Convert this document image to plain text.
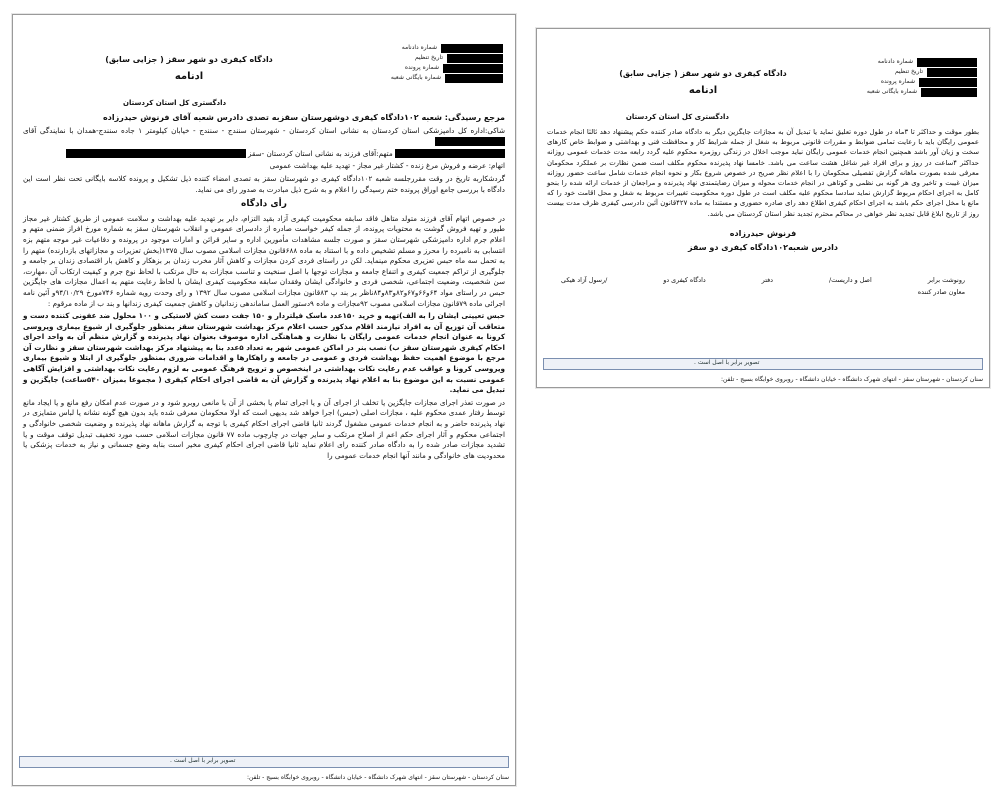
شماره دادنامه
تاریخ تنظیم
شماره پرونده
شماره بایگانی شعبه
دادگاه کیفری دو شهر سقز ( جزایی سابق)
ادنامه
دادگستری کل استان کردستان

مرجع رسیدگی: شعبه ۱۰۲دادگاه کیفری دوشهرستان سقزبه تصدی دادرس شعبه آقای فرنوش حیدرزاده

شاکی:اداره کل دامپزشکی استان کردستان به نشانی استان کردستان - شهرستان سنندج - سنندج - خیابان کیلومتر ۱ جاده سنندج-همدان با نمایندگی آقای

متهم:آقای فرزند به نشانی استان کردستان -سقز

اتهام: عرضه و فروش مرغ زنده - کشتار غیر مجاز - تهدید علیه بهداشت عمومی

گردشکاربه تاریخ در وقت مقررجلسه شعبه ۱۰۲دادگاه کیفری دو شهرستان سقز به تصدی امضاء کننده ذیل تشکیل و پرونده کلاسه بایگانی تحت نظر است این دادگاه با بررسی جامع اوراق پرونده ختم رسیدگی را اعلام و به شرح ذیل مبادرت به صدور رای می نماید.

رأی دادگاه

در خصوص اتهام آقای فرزند متولد متاهل فاقد سابقه محکومیت کیفری آزاد بقید التزام، دایر بر تهدید علیه بهداشت و سلامت عمومی از طریق کشتار غیر مجاز طیور و تهیه فروش گوشت به محتویات پرونده، از جمله کیفر خواست صادره از دادسرای عمومی و انقلاب شهرستان سقز به شماره مورخ افراز ضمنی متهم و اعلام جرم اداره دامپزشکی شهرستان سقز و صورت جلسه مشاهدات مأمورین اداره و سایر قرائن و امارات موجود در پرونده و دفاعیات غیر موجه متهم بزه انتسابی به نامبرده را محرز و مسلم تشخیص داده و با استناد به ماده ۶۸۸قانون مجازات اسلامی مصوب سال ۱۳۷۵(بخش تعزیرات و مجازاتهای بازدارنده) متهم را به تحمل سه ماه حبس تعزیری محکوم مینماید. لکن در راستای فردی کردن مجازات و کاهش آثار مخرب زندان بر بزهکار و کاهش بار اقتصادی زندان بر جامعه و جلوگیری از تراکم جمعیت کیفری و اتنفاع جامعه و مجازات توجها با اصل سنخیت و تناسب مجازات به حال مرتکب با لحاظ نوع جرم و کیفیت ارتکاب آن ،مهارت، سن شخصیت، وضعیت اجتماعی، شخصی فردی و خانوادگی ایشان وفقدان سابقه محکومیت کیفری ایشان با لحاظ رعایت متهم به اعمال مجازات های جایگزین حبس در راستای مواد ۶۴و۶۶و۶۷و۸۲و۸۳و۸۴ناظر بر بند پ ۸۳قانون مجازات اسلامی مصوب سال ۱۳۹۲ و رای وحدت رویه شماره ۷۴۶مورخ ۹۴/۱۰/۲۹و آئین نامه اجرائی ماده ۷۹قانون مجازات اسلامی مصوب ۹۲مجازات و ماده ۹دستور العمل ساماندهی زندانیان و کاهش جمعیت کیفری زندانها و بند ب از ماده مرقوم :

حبس تعیینی ایشان را به الف)تهیه و خرید ۱۵۰عدد ماسک فیلتردار و ۱۵۰ جفت دست کش لاستیکی و ۱۰۰ محلول ضد عفونی کننده دست و متعاقب آن توزیع آن به افراد نیازمند اقلام مذکور حسب اعلام مرکز بهداشت شهرستان سقز بمنظور جلوگیری از شیوع بیماری ویروسی کرونا به عنوان انجام خدمات عمومی رایگان با نظارت و هماهنگی اداره موصوف بعنوان نهاد پذیرنده و گزارش منظم آن به واحد اجرای احکام کیفری شهرستان سقز ب) نصب بنر در اماکن عمومی شهر به تعداد ۵عدد بنا به پیشنهاد مرکز بهداشت شهرستان سقز و نظارت آن مرجع با موضوع اهمیت حفظ بهداشت فردی و عمومی در جامعه و راهکارها و اقدامات ضروری بمنظور جلوگیری از ابتلا و شیوع بیماری ویروسی کرونا و عواقب عدم رعایت نکات بهداشتی در اینخصوص و ترویج فرهنگ عمومی به لزوم رعایت نکات بهداشتی و افزایش آگاهی عمومی نسبت به این موضوع بنا به اعلام نهاد پذیرنده و گزارش آن به قاضی اجرای احکام کیفری ( مجموعا بمیزان ۵۴۰ساعت) جایگزین و تبدیل می نماید.

در صورت تعذر اجرای مجازات جایگزین یا تخلف از اجرای آن و یا اجرای تمام یا بخشی از آن با مانعی روبرو شود و در صورت عدم امکان رفع مانع و یا ایجاد مانع توسط رفتار عمدی محکوم علیه ، مجازات اصلی (حبس) اجرا خواهد شد بدیهی است که اولا محکومان معرفی شده باید بدون هیچ گونه نشانه یا لباس متمایزی در نهاد پذیرنده حاضر و به انجام خدمات عمومی مشغول گردند ثانیا قاضی اجرای احکام کیفری با توجه به گزارش ماهانه نهاد پذیرنده و وضعیت شخصی خانوادگی و اجتماعی محکوم و آثار اجرای حکم اعم از اصلاح مرتکب و سایر جهات در چارچوب ماده ۷۷ قانون مجازات اسلامی حسب مورد تخفیف تبدیل توقف موقت و یا تشدید مجازات صادر شده را به دادگاه صادر کننده رای اعلام نماید ثانیا قاضی اجرای احکام کیفری مخیر است بنابه وضع جسمانی و نیاز به خدمات پزشکی یا محدودیت های خانوادگی و مانند آنها انجام خدمات عمومی را

تصویر برابر با اصل است .
سنان کردستان - شهرستان سقز - انتهای شهرک دانشگاه - خیابان دانشگاه - روبروی خوابگاه بسیج - تلفن:
شماره دادنامه
تاریخ تنظیم
شماره پرونده
شماره بایگانی شعبه
دادگاه کیفری دو شهر سقز ( جزایی سابق)
ادنامه
دادگستری کل استان کردستان

بطور موقت و حداکثر تا ۳ماه در طول دوره تعلیق نماید یا تبدیل آن به مجازات جایگزین دیگر به دادگاه صادر کننده حکم پیشنهاد دهد ثالثا انجام خدمات عمومی رایگان باید با رعایت تمامی ضوابط و مقررات قانونی مربوط به شغل از جمله شرایط کار و محافظت فنی و بهداشتی و ضوابط خاص کارهای سخت و زیان آور باشد همچنین انجام خدمات عمومی رایگان نباید موجب اخلال در زندگی روزمره محکوم علیه گردد رابعه مدت خدمات عمومی روزانه حداکثر ۴ساعت در روز و برای افراد غیر شاغل هشت ساعت می باشد. خامسا نهاد پذیرنده محکوم مکلف است ضمن نظارت بر عملکرد محکومان معرفی شده بصورت ماهانه گزارش تفصیلی محکومان را با اعلام نظر صریح در خصوص شروع بکار و نحوه انجام خدمات شامل ساعت حضور روزانه میزان غیبت و تاخیر وی هر گونه بی نظمی و کوتاهی در انجام خدمات محوله و میزان رضایتمندی نهاد پذیرنده و مراجعان از خدمات ارائه شده را بنحو کامل به اجرای احکام مربوط گزارش نماید سادسا محکوم علیه مکلف است در طول دوره محکومیت تغییرات مربوط به شغل و محل اقامت خود را که مانع یا مخل اجرای حکم باشد به اجرای احکام کیفری اطلاع دهد رای صادره حضوری و مستندا به ماده ۴۲۷قانون آئین دادرسی کیفری ظرف مدت بیست روز از تاریخ ابلاغ قابل تجدید نظر خواهی در محاکم محترم تجدید نظر استان کردستان می باشد.

فرنوش حیدرزاده
دادرس شعبه۱۰۲دادگاه کیفری دو سقز
رونوشت برابر
اصل و داریست/
دفتر
دادگاه کیفری دو
/رسول آزاد هیکی
معاون صادر کننده
تصویر برابر با اصل است .
سنان کردستان - شهرستان سقز - انتهای شهرک دانشگاه - خیابان دانشگاه - روبروی خوابگاه بسیج - تلفن:
